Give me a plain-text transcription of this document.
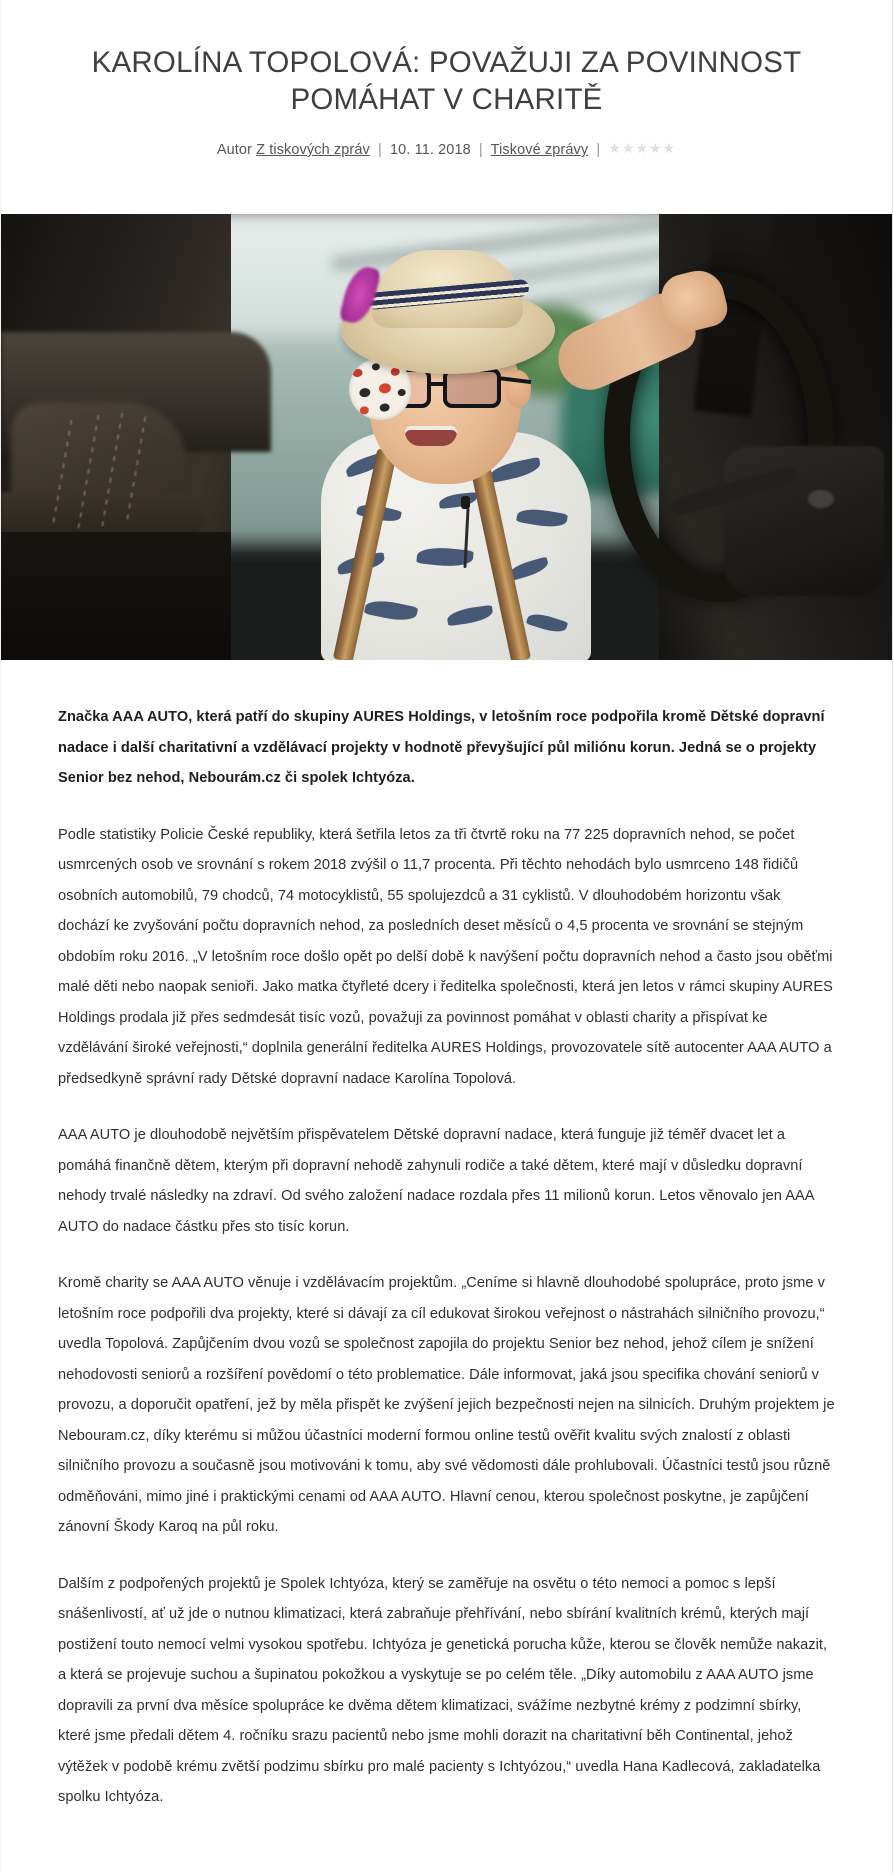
KAROLÍNA TOPOLOVÁ: POVAŽUJI ZA POVINNOST POMÁHAT V CHARITĚ
Autor Z tiskových zpráv | 10. 11. 2018 | Tiskové zprávy | ★★★★★

Značka AAA AUTO, která patří do skupiny AURES Holdings, v letošním roce podpořila kromě Dětské dopravní nadace i další charitativní a vzdělávací projekty v hodnotě převyšující půl miliónu korun. Jedná se o projekty Senior bez nehod, Nebourám.cz či spolek Ichtyóza.

Podle statistiky Policie České republiky, která šetřila letos za tři čtvrtě roku na 77 225 dopravních nehod, se počet usmrcených osob ve srovnání s rokem 2018 zvýšil o 11,7 procenta. Při těchto nehodách bylo usmrceno 148 řidičů osobních automobilů, 79 chodců, 74 motocyklistů, 55 spolujezdců a 31 cyklistů. V dlouhodobém horizontu však dochází ke zvyšování počtu dopravních nehod, za posledních deset měsíců o 4,5 procenta ve srovnání se stejným obdobím roku 2016. „V letošním roce došlo opět po delší době k navýšení počtu dopravních nehod a často jsou oběťmi malé děti nebo naopak senioři. Jako matka čtyřleté dcery i ředitelka společnosti, která jen letos v rámci skupiny AURES Holdings prodala již přes sedmdesát tisíc vozů, považuji za povinnost pomáhat v oblasti charity a přispívat ke vzdělávání široké veřejnosti,“ doplnila generální ředitelka AURES Holdings, provozovatele sítě autocenter AAA AUTO a předsedkyně správní rady Dětské dopravní nadace Karolína Topolová.

AAA AUTO je dlouhodobě největším přispěvatelem Dětské dopravní nadace, která funguje již téměř dvacet let a pomáhá finančně dětem, kterým při dopravní nehodě zahynuli rodiče a také dětem, které mají v důsledku dopravní nehody trvalé následky na zdraví. Od svého založení nadace rozdala přes 11 milionů korun. Letos věnovalo jen AAA AUTO do nadace částku přes sto tisíc korun.

Kromě charity se AAA AUTO věnuje i vzdělávacím projektům. „Ceníme si hlavně dlouhodobé spolupráce, proto jsme v letošním roce podpořili dva projekty, které si dávají za cíl edukovat širokou veřejnost o nástrahách silničního provozu,“ uvedla Topolová. Zapůjčením dvou vozů se společnost zapojila do projektu Senior bez nehod, jehož cílem je snížení nehodovosti seniorů a rozšíření povědomí o této problematice. Dále informovat, jaká jsou specifika chování seniorů v provozu, a doporučit opatření, jež by měla přispět ke zvýšení jejich bezpečnosti nejen na silnicích. Druhým projektem je Nebouram.cz, díky kterému si můžou účastníci moderní formou online testů ověřit kvalitu svých znalostí z oblasti silničního provozu a současně jsou motivováni k tomu, aby své vědomosti dále prohlubovali. Účastníci testů jsou různě odměňováni, mimo jiné i praktickými cenami od AAA AUTO. Hlavní cenou, kterou společnost poskytne, je zapůjčení zánovní Škody Karoq na půl roku.

Dalším z podpořených projektů je Spolek Ichtyóza, který se zaměřuje na osvětu o této nemoci a pomoc s lepší snášenlivostí, ať už jde o nutnou klimatizaci, která zabraňuje přehřívání, nebo sbírání kvalitních krémů, kterých mají postižení touto nemocí velmi vysokou spotřebu. Ichtyóza je genetická porucha kůže, kterou se člověk nemůže nakazit, a která se projevuje suchou a šupinatou pokožkou a vyskytuje se po celém těle. „Díky automobilu z AAA AUTO jsme dopravili za první dva měsíce spolupráce ke dvěma dětem klimatizaci, svážíme nezbytné krémy z podzimní sbírky, které jsme předali dětem 4. ročníku srazu pacientů nebo jsme mohli dorazit na charitativní běh Continental, jehož výtěžek v podobě krému zvětší podzimu sbírku pro malé pacienty s Ichtyózou,“ uvedla Hana Kadlecová, zakladatelka spolku Ichtyóza.
